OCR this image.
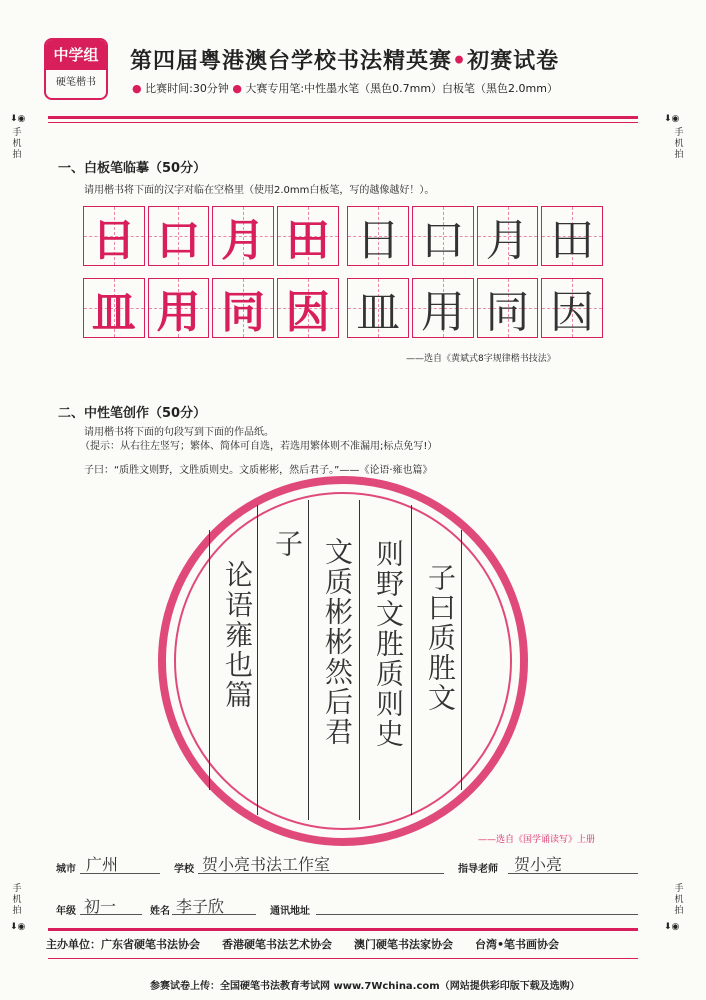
中学组
硬笔楷书
第四届粤港澳台学校书法精英赛•初赛试卷
● 比赛时间:30分钟 ● 大赛专用笔:中性墨水笔（黑色0.7mm）白板笔（黑色2.0mm）
⬇◉
手机拍
⬇◉
手机拍
手机拍
⬇◉
手机拍
⬇◉
一、白板笔临摹（50分）
请用楷书将下面的汉字对临在空格里（使用2.0mm白板笔，写的越像越好！）。
日 口 月 田 日 口 月 田
皿 用 同 因 皿 用 同 因
——选自《黄斌式8字规律楷书技法》
二、中性笔创作（50分）
请用楷书将下面的句段写到下面的作品纸。
（提示：从右往左竖写；繁体、简体可自选，若选用繁体则不准漏用;标点免写!）
子曰：“质胜文则野，文胜质则史。文质彬彬，然后君子。”——《论语·雍也篇》
子曰质胜文
则野文胜质则史
文质彬彬然后君
子
论语雍也篇
——选自《国学诵读写》上册
城市 广州	学校 贺小亮书法工作室	指导老师 贺小亮
年级 初一	姓名 李子欣	通讯地址
主办单位：广东省硬笔书法协会　　香港硬笔书法艺术协会　　澳门硬笔书法家协会　　台湾•笔书画协会
参赛试卷上传：全国硬笔书法教育考试网 www.7Wchina.com（网站提供彩印版下载及选购）
